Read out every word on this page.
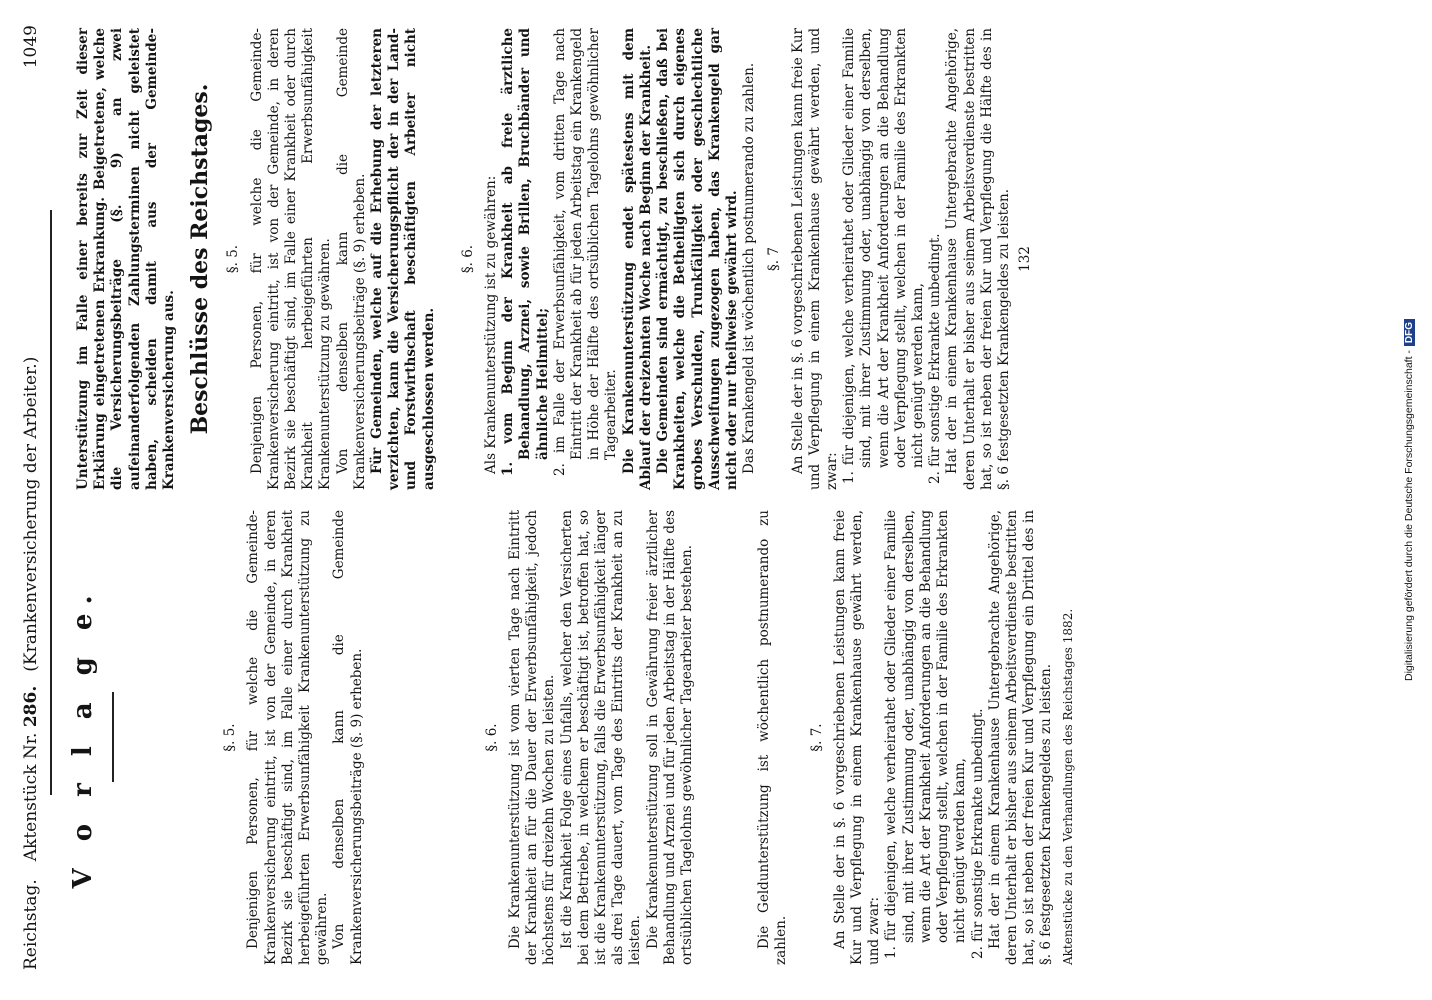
Reichstag.
Aktenstück Nr. 286.
(Krankenversicherung der Arbeiter.)
1049

V o r l a g e.	§. 5. Denjenigen Personen, für welche die Gemeinde-Krankenversicherung eintritt, ist von der Gemeinde, in deren Bezirk sie beschäftigt sind, im Falle einer durch Krankheit herbeigeführten Erwerbsunfähigkeit Krankenunterstützung zu gewähren. Von denselben kann die Gemeinde Krankenversicherungsbeiträge (§. 9) erheben.	§. 6. Die Krankenunterstützung ist vom vierten Tage nach Eintritt der Krankheit an für die Dauer der Erwerbsunfähigkeit, jedoch höchstens für dreizehn Wochen zu leisten. Ist die Krankheit Folge eines Unfalls, welcher den Versicherten bei dem Betriebe, in welchem er beschäftigt ist, betroffen hat, so ist die Krankenunterstützung, falls die Erwerbsunfähigkeit länger als drei Tage dauert, vom Tage des Eintritts der Krankheit an zu leisten. Die Krankenunterstützung soll in Gewährung freier ärztlicher Behandlung und Arznei und für jeden Arbeitstag in der Hälfte des ortsüblichen Tagelohns gewöhnlicher Tagearbeiter bestehen.	Die Geldunterstützung ist wöchentlich postnumerando zu zahlen.

§. 7. An Stelle der in §. 6 vorgeschriebenen Leistungen kann freie Kur und Verpflegung in einem Krankenhause gewährt werden, und zwar: 1. für diejenigen, welche verheirathet oder Glieder einer Familie sind, mit ihrer Zustimmung oder, unabhängig von derselben, wenn die Art der Krankheit Anforderungen an die Behandlung oder Verpflegung stellt, welchen in der Familie des Erkrankten nicht genügt werden kann, 2. für sonstige Erkrankte unbedingt. Hat der in einem Krankenhause Untergebrachte Angehörige, deren Unterhalt er bisher aus seinem Arbeitsverdienste bestritten hat, so ist neben der freien Kur und Verpflegung ein Drittel des in §. 6 festgesetzten Krankengeldes zu leisten. Aktenstücke zu den Verhandlungen des Reichstages 1882.

Unterstützung im Falle einer bereits zur Zeit dieser Erklärung eingetretenen Erkrankung. Beigetretene, welche die Versicherungsbeiträge (§. 9) an zwei aufeinanderfolgenden Zahlungsterminen nicht geleistet haben, scheiden damit aus der Gemeinde-Krankenversicherung aus. Beschlüsse des Reichstages. §. 5. Denjenigen Personen, für welche die Gemeinde-Krankenversicherung eintritt, ist von der Gemeinde, in deren Bezirk sie beschäftigt sind, im Falle einer Krankheit oder durch Krankheit herbeigeführten Erwerbsunfähigkeit Krankenunterstützung zu gewähren. Von denselben kann die Gemeinde Krankenversicherungsbeiträge (§. 9) erheben. Für Gemeinden, welche auf die Erhebung der letzteren verzichten, kann die Versicherungspflicht der in der Land- und Forstwirthschaft beschäftigten Arbeiter nicht ausgeschlossen werden.

§. 6. Als Krankenunterstützung ist zu gewähren: 1. vom Beginn der Krankheit ab freie ärztliche Behandlung, Arznei, sowie Brillen, Bruchbänder und ähnliche Heilmittel; 2. im Falle der Erwerbsunfähigkeit, vom dritten Tage nach Eintritt der Krankheit ab für jeden Arbeitstag ein Krankengeld in Höhe der Hälfte des ortsüblichen Tagelohns gewöhnlicher Tagearbeiter. Die Krankenunterstützung endet spätestens mit dem Ablauf der dreizehnten Woche nach Beginn der Krankheit. Die Gemeinden sind ermächtigt, zu beschließen, daß bei Krankheiten, welche die Betheiligten sich durch eigenes grobes Verschulden, Trunkfälligkeit oder geschlechtliche Ausschweifungen zugezogen haben, das Krankengeld gar nicht oder nur theilweise gewährt wird. Das Krankengeld ist wöchentlich postnumerando zu zahlen. §. 7 An Stelle der in §. 6 vorgeschriebenen Leistungen kann freie Kur und Verpflegung in einem Krankenhause gewährt werden, und zwar: 1. für diejenigen, welche verheirathet oder Glieder einer Familie sind, mit ihrer Zustimmung oder, unabhängig von derselben, wenn die Art der Krankheit Anforderungen an die Behandlung oder Verpflegung stellt, welchen in der Familie des Erkrankten nicht genügt werden kann, 2. für sonstige Erkrankte unbedingt. Hat der in einem Krankenhause Untergebrachte Angehörige, deren Unterhalt er bisher aus seinem Arbeitsverdienste bestritten hat, so ist neben der freien Kur und Verpflegung die Hälfte des in §. 6 festgesetzten Krankengeldes zu leisten. 132

Digitalisierung gefördert durch die Deutsche Forschungsgemeinschaft -DFG
